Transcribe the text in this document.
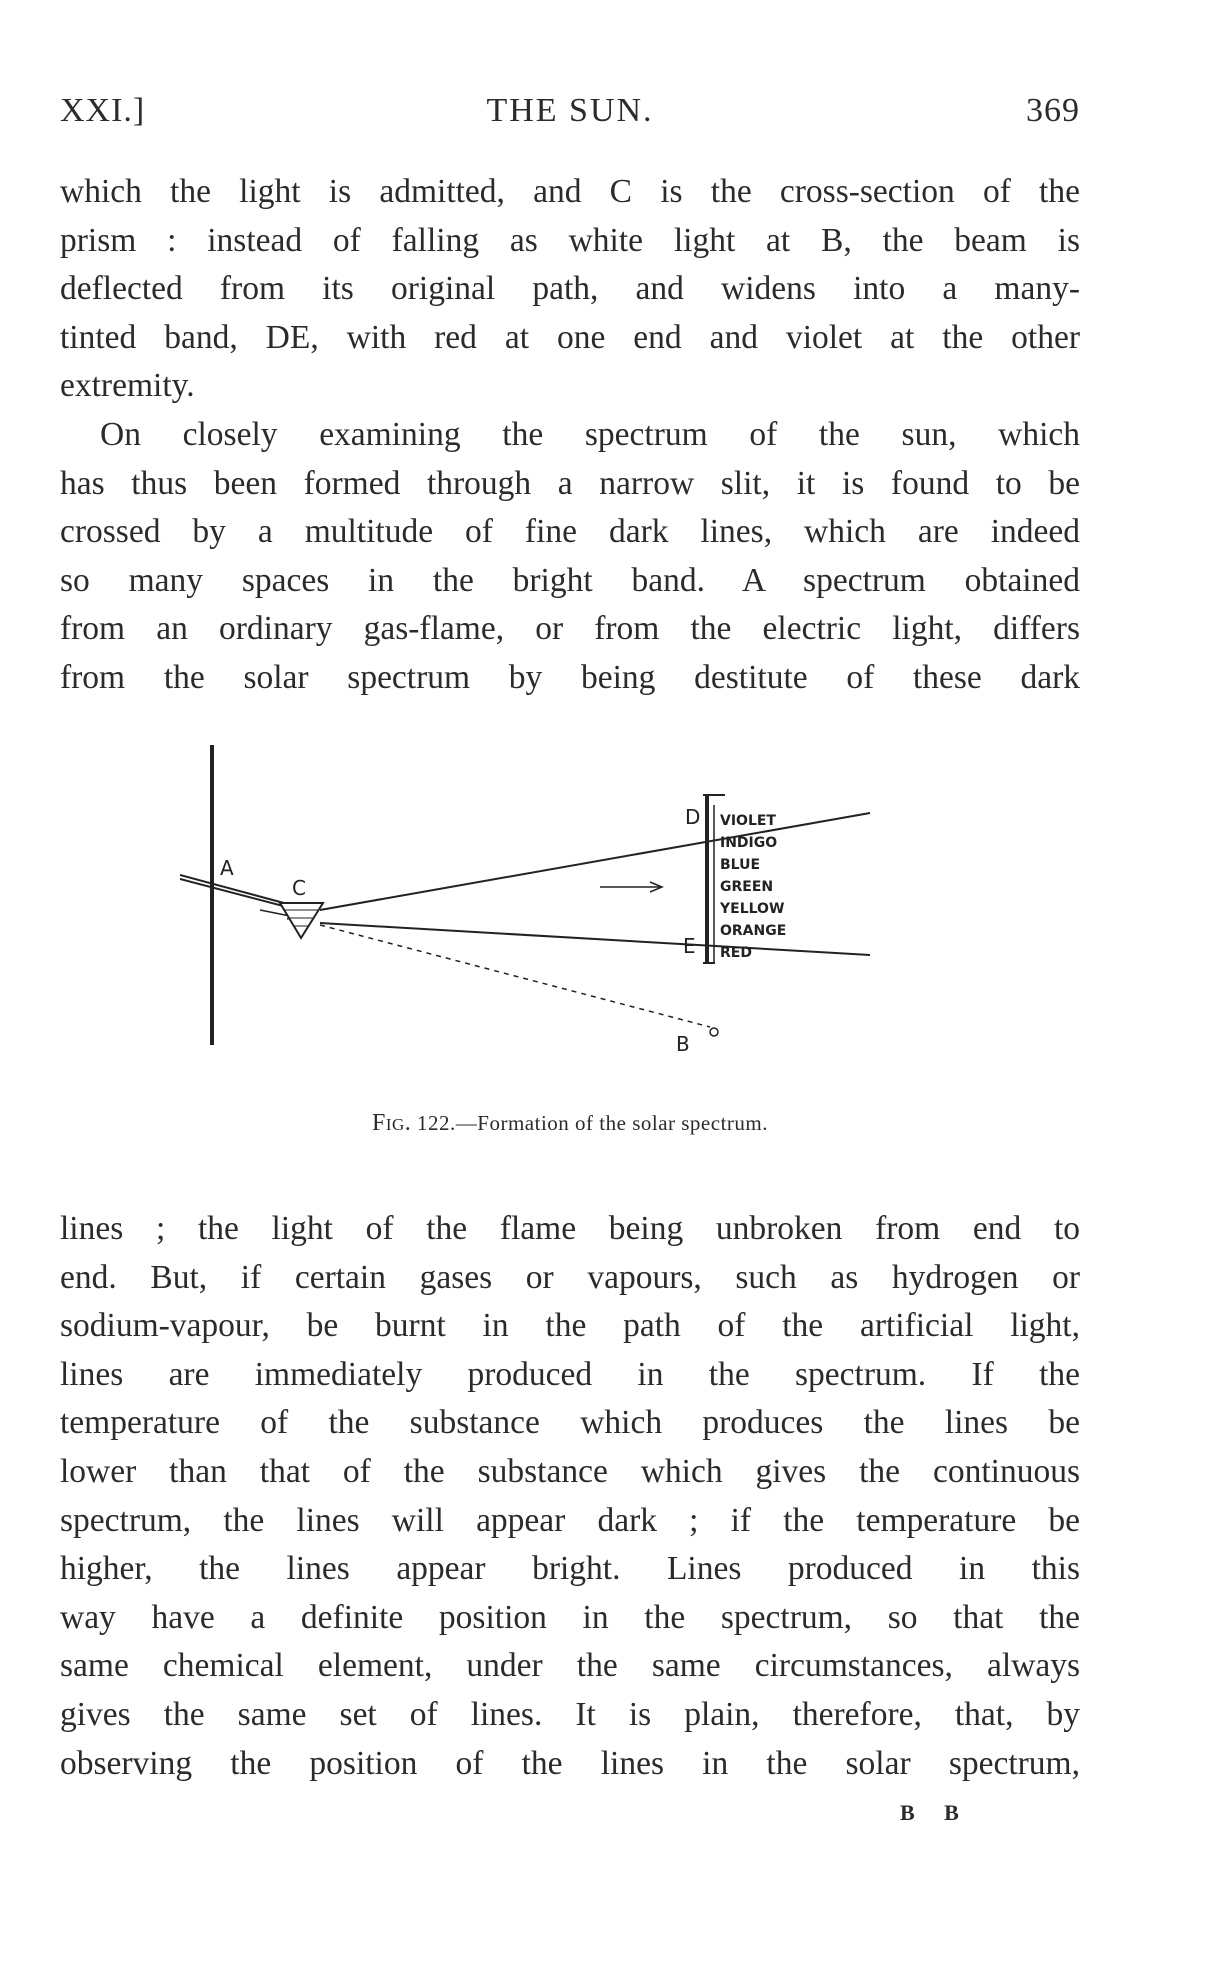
XXI.]	THE SUN.	369
which the light is admitted, and C is the cross-section of the
prism : instead of falling as white light at B, the beam is
deflected from its original path, and widens into a many-
tinted band, DE, with red at one end and violet at the other
extremity.
On closely examining the spectrum of the sun, which
has thus been formed through a narrow slit, it is found to be
crossed by a multitude of fine dark lines, which are indeed
so many spaces in the bright band. A spectrum obtained
from an ordinary gas-flame, or from the electric light, differs
from the solar spectrum by being destitute of these dark
A
C
B
D
E
VIOLET
INDIGO
BLUE
GREEN
YELLOW
ORANGE
RED
Fig. 122.—Formation of the solar spectrum.
lines ; the light of the flame being unbroken from end to
end. But, if certain gases or vapours, such as hydrogen or
sodium-vapour, be burnt in the path of the artificial light,
lines are immediately produced in the spectrum. If the
temperature of the substance which produces the lines be
lower than that of the substance which gives the continuous
spectrum, the lines will appear dark ; if the temperature be
higher, the lines appear bright. Lines produced in this
way have a definite position in the spectrum, so that the
same chemical element, under the same circumstances, always
gives the same set of lines. It is plain, therefore, that, by
observing the position of the lines in the solar spectrum,
B B
